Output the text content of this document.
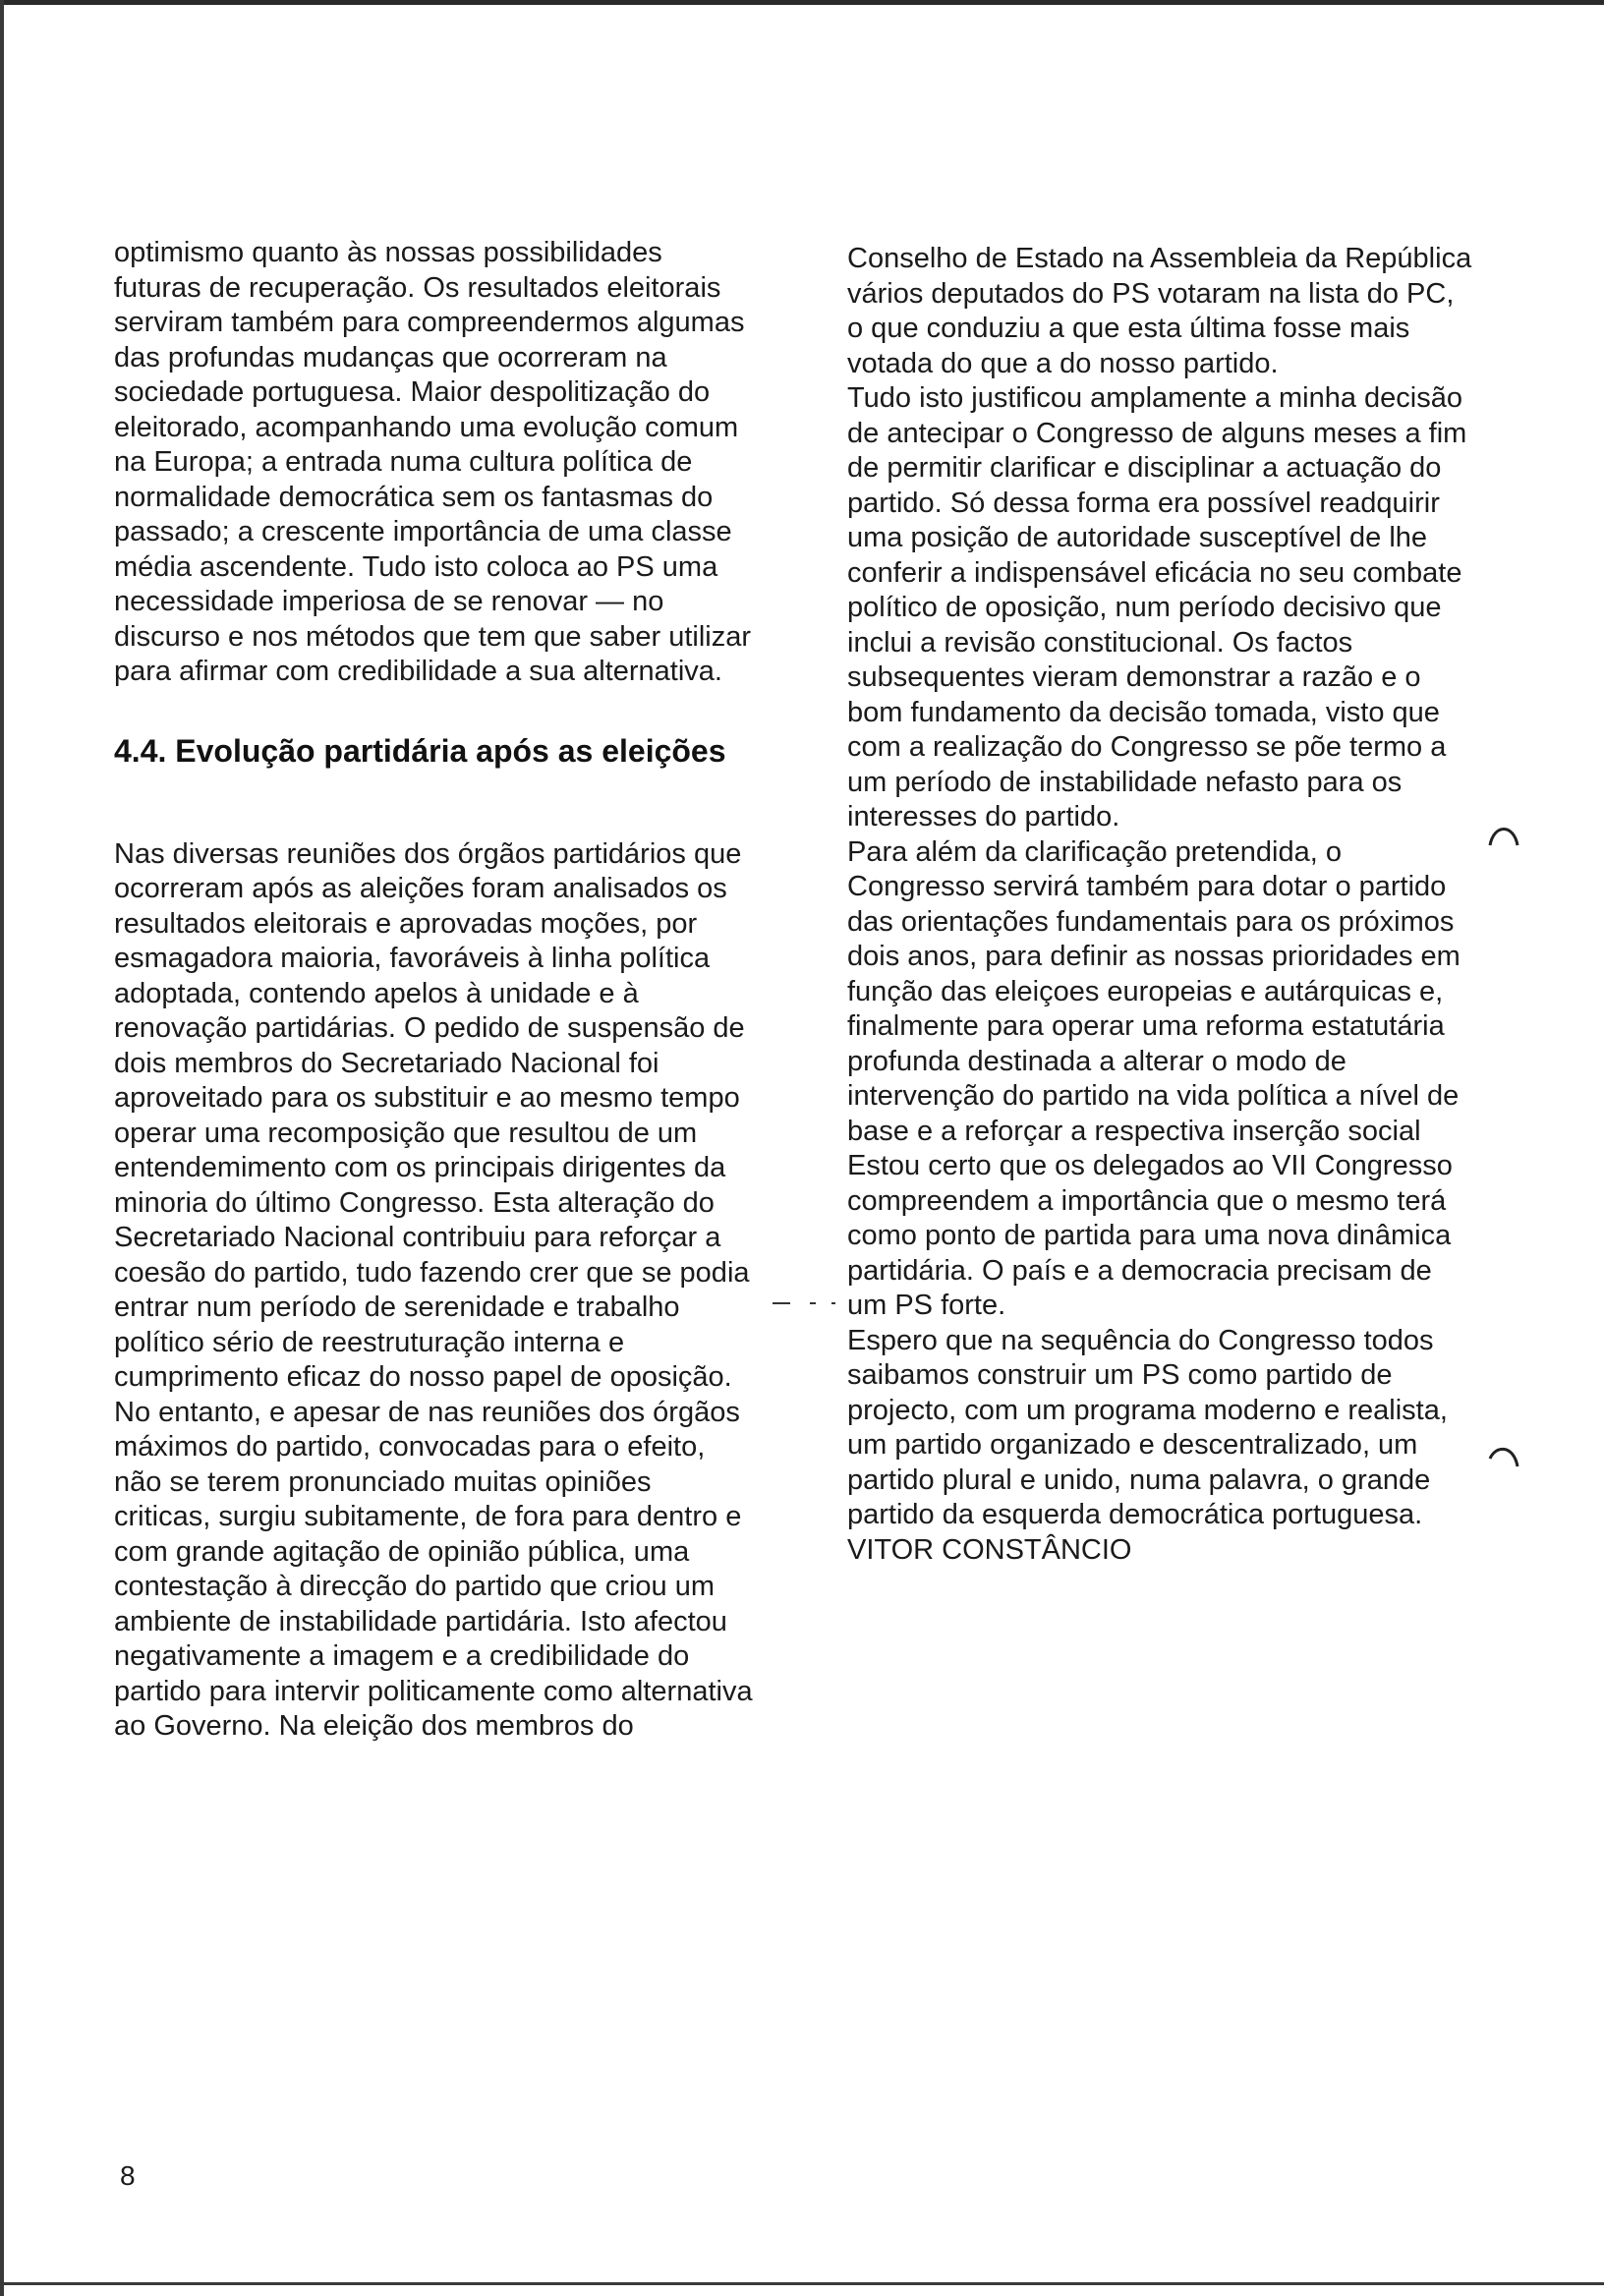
optimismo quanto às nossas possibilidades futuras de recuperação. Os resultados eleitorais serviram também para compreendermos algumas das profundas mudanças que ocorreram na sociedade portuguesa. Maior despolitização do eleitorado, acompanhando uma evolução comum na Europa; a entrada numa cultura política de normalidade democrática sem os fantasmas do passado; a crescente importância de uma classe média ascendente. Tudo isto coloca ao PS uma necessidade imperiosa de se renovar — no discurso e nos métodos que tem que saber utilizar para afirmar com credibilidade a sua alternativa.

4.4. Evolução partidária após as eleições

Nas diversas reuniões dos órgãos partidários que ocorreram após as aleições foram analisados os resultados eleitorais e aprovadas moções, por esmagadora maioria, favoráveis à linha política adoptada, contendo apelos à unidade e à renovação partidárias. O pedido de suspensão de dois membros do Secretariado Nacional foi aproveitado para os substituir e ao mesmo tempo operar uma recomposição que resultou de um entendemimento com os principais dirigentes da minoria do último Congresso. Esta alteração do Secretariado Nacional contribuiu para reforçar a coesão do partido, tudo fazendo crer que se podia entrar num período de serenidade e trabalho político sério de reestruturação interna e cumprimento eficaz do nosso papel de oposição.

No entanto, e apesar de nas reuniões dos órgãos máximos do partido, convocadas para o efeito, não se terem pronunciado muitas opiniões criticas, surgiu subitamente, de fora para dentro e com grande agitação de opinião pública, uma contestação à direcção do partido que criou um ambiente de instabilidade partidária. Isto afectou negativamente a imagem e a credibilidade do partido para intervir politicamente como alternativa ao Governo. Na eleição dos membros do

Conselho de Estado na Assembleia da República vários deputados do PS votaram na lista do PC, o que conduziu a que esta última fosse mais votada do que a do nosso partido.

Tudo isto justificou amplamente a minha decisão de antecipar o Congresso de alguns meses a fim de permitir clarificar e disciplinar a actuação do partido. Só dessa forma era possível readquirir uma posição de autoridade susceptível de lhe conferir a indispensável eficácia no seu combate político de oposição, num período decisivo que inclui a revisão constitucional. Os factos subsequentes vieram demonstrar a razão e o bom fundamento da decisão tomada, visto que com a realização do Congresso se põe termo a um período de instabilidade nefasto para os interesses do partido.

Para além da clarificação pretendida, o Congresso servirá também para dotar o partido das orientações fundamentais para os próximos dois anos, para definir as nossas prioridades em função das eleiçoes europeias e autárquicas e, finalmente para operar uma reforma estatutária profunda destinada a alterar o modo de intervenção do partido na vida política a nível de base e a reforçar a respectiva inserção social

Estou certo que os delegados ao VII Congresso compreendem a importância que o mesmo terá como ponto de partida para uma nova dinâmica partidária. O país e a democracia precisam de um PS forte.

Espero que na sequência do Congresso todos saibamos construir um PS como partido de projecto, com um programa moderno e realista, um partido organizado e descentralizado, um partido plural e unido, numa palavra, o grande partido da esquerda democrática portuguesa.

VITOR CONSTÂNCIO

8
